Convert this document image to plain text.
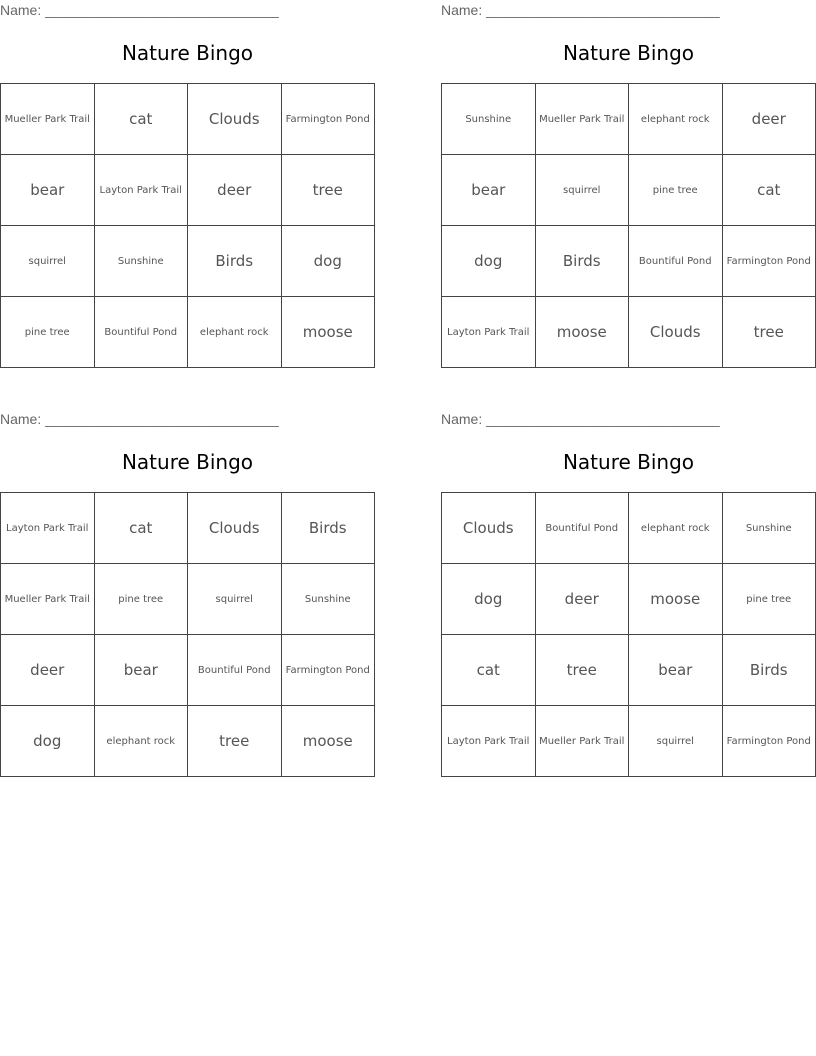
Name: ______________________________
Nature Bingo
Mueller Park Trail	cat	Clouds	Farmington Pond
bear	Layton Park Trail	deer	tree
squirrel	Sunshine	Birds	dog
pine tree	Bountiful Pond	elephant rock	moose
Name: ______________________________
Nature Bingo
Sunshine	Mueller Park Trail	elephant rock	deer
bear	squirrel	pine tree	cat
dog	Birds	Bountiful Pond	Farmington Pond
Layton Park Trail	moose	Clouds	tree
Name: ______________________________
Nature Bingo
Layton Park Trail	cat	Clouds	Birds
Mueller Park Trail	pine tree	squirrel	Sunshine
deer	bear	Bountiful Pond	Farmington Pond
dog	elephant rock	tree	moose
Name: ______________________________
Nature Bingo
Clouds	Bountiful Pond	elephant rock	Sunshine
dog	deer	moose	pine tree
cat	tree	bear	Birds
Layton Park Trail	Mueller Park Trail	squirrel	Farmington Pond
